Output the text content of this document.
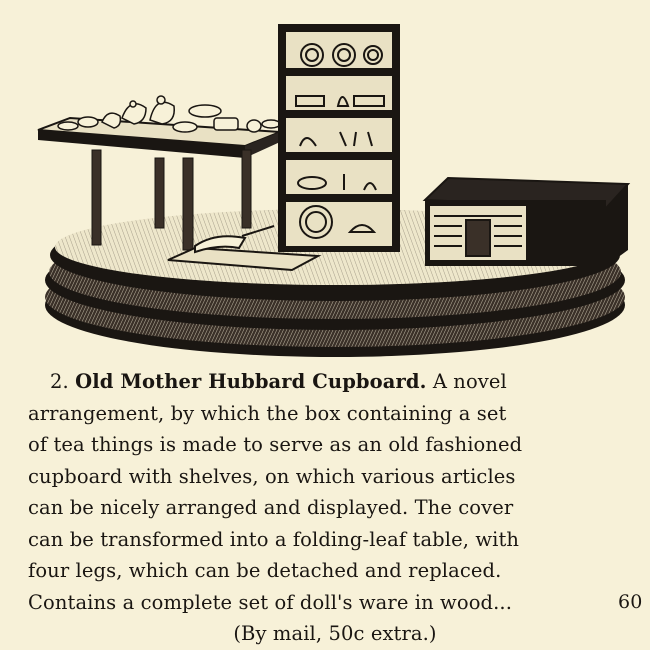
2. Old Mother Hubbard Cupboard. A novel
arrangement, by which the box containing a set
of tea things is made to serve as an old fashioned
cupboard with shelves, on which various articles
can be nicely arranged and displayed. The cover
can be transformed into a folding-leaf table, with
four legs, which can be detached and replaced.
Contains a complete set of doll's ware in wood...	60
(By mail, 50c extra.)
